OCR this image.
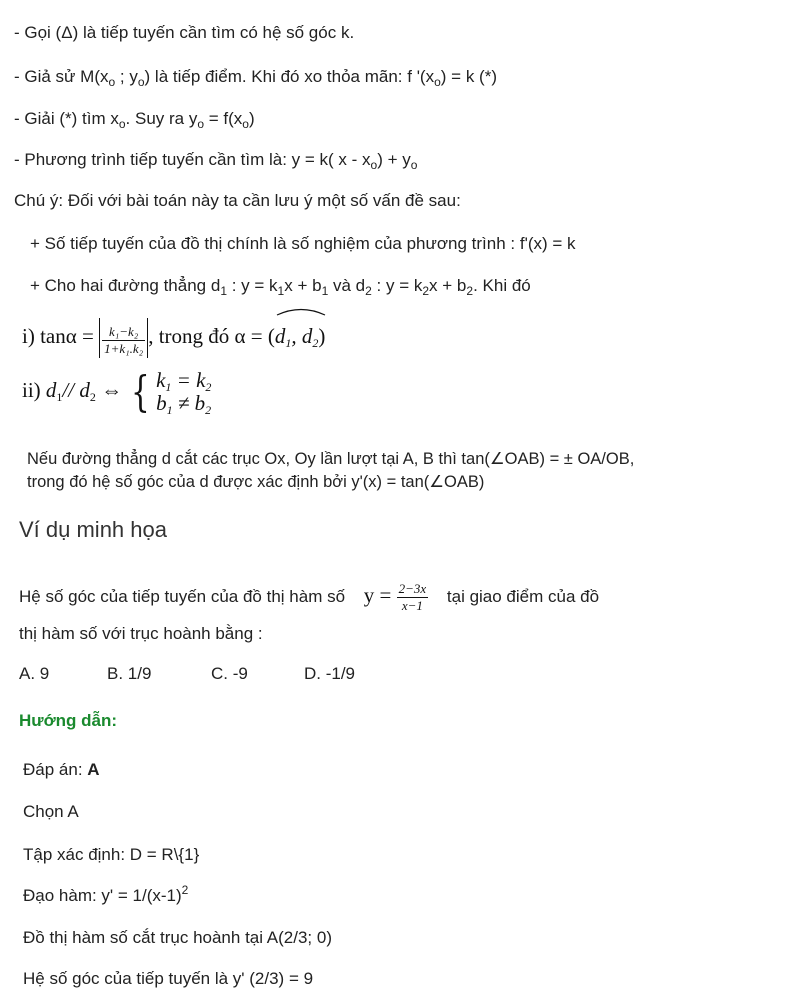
- Gọi (Δ) là tiếp tuyến cần tìm có hệ số góc k.
- Giả sử $M(x_o$ ; $y_o$) là tiếp điểm. Khi đó xo thỏa mãn: f '$(x_o) = k$ (*)
- Giải (*) tìm $x_o$. Suy ra $y_o = f(x_o)$
- Phương trình tiếp tuyến cần tìm là: y = k( $x - x_o) + y_o$
Chú ý: Đối với bài toán này ta cần lưu ý một số vấn đề sau:
+ Số tiếp tuyến của đồ thị chính là số nghiệm của phương trình : f'(x) = k
+ Cho hai đường thẳng $d_1$ : $y = k_1x + b_1$ và $d_2$ : $y = k_2x + b_2$. Khi đó
i) $\tan\alpha = \frac{\text{k₁−k₂}}{\text{1+k₁.k₂}}$ , trong đó α = (
$d_1$, $d_2$)
ii) $d_1//$ $d_2$ ⇔ { $k_1 = k_2$
$b_1 \ne b_2$
Nếu đường thẳng d cắt các trục Ox, Oy lần lượt tại A, B thì tan(∠OAB) = ± OA/OB,
trong đó hệ số góc của d được xác định bởi y'(x) = tan(∠OAB)
Ví dụ minh họa
Hệ số góc của tiếp tuyến của đồ thị hàm số $y = \frac{2-3x}{x-1}$ tại giao điểm của đồ
thị hàm số với trục hoành bằng :
A. 9	B. 1/9	C. -9	D. -1/9
Hướng dẫn:
Đáp án: A
Chọn A
Tập xác định: D = R\{1}
Đạo hàm: $y' = 1/(x-1)^2$
Đồ thị hàm số cắt trục hoành tại A(2/3; 0)
Hệ số góc của tiếp tuyến là y' (2/3) = 9
